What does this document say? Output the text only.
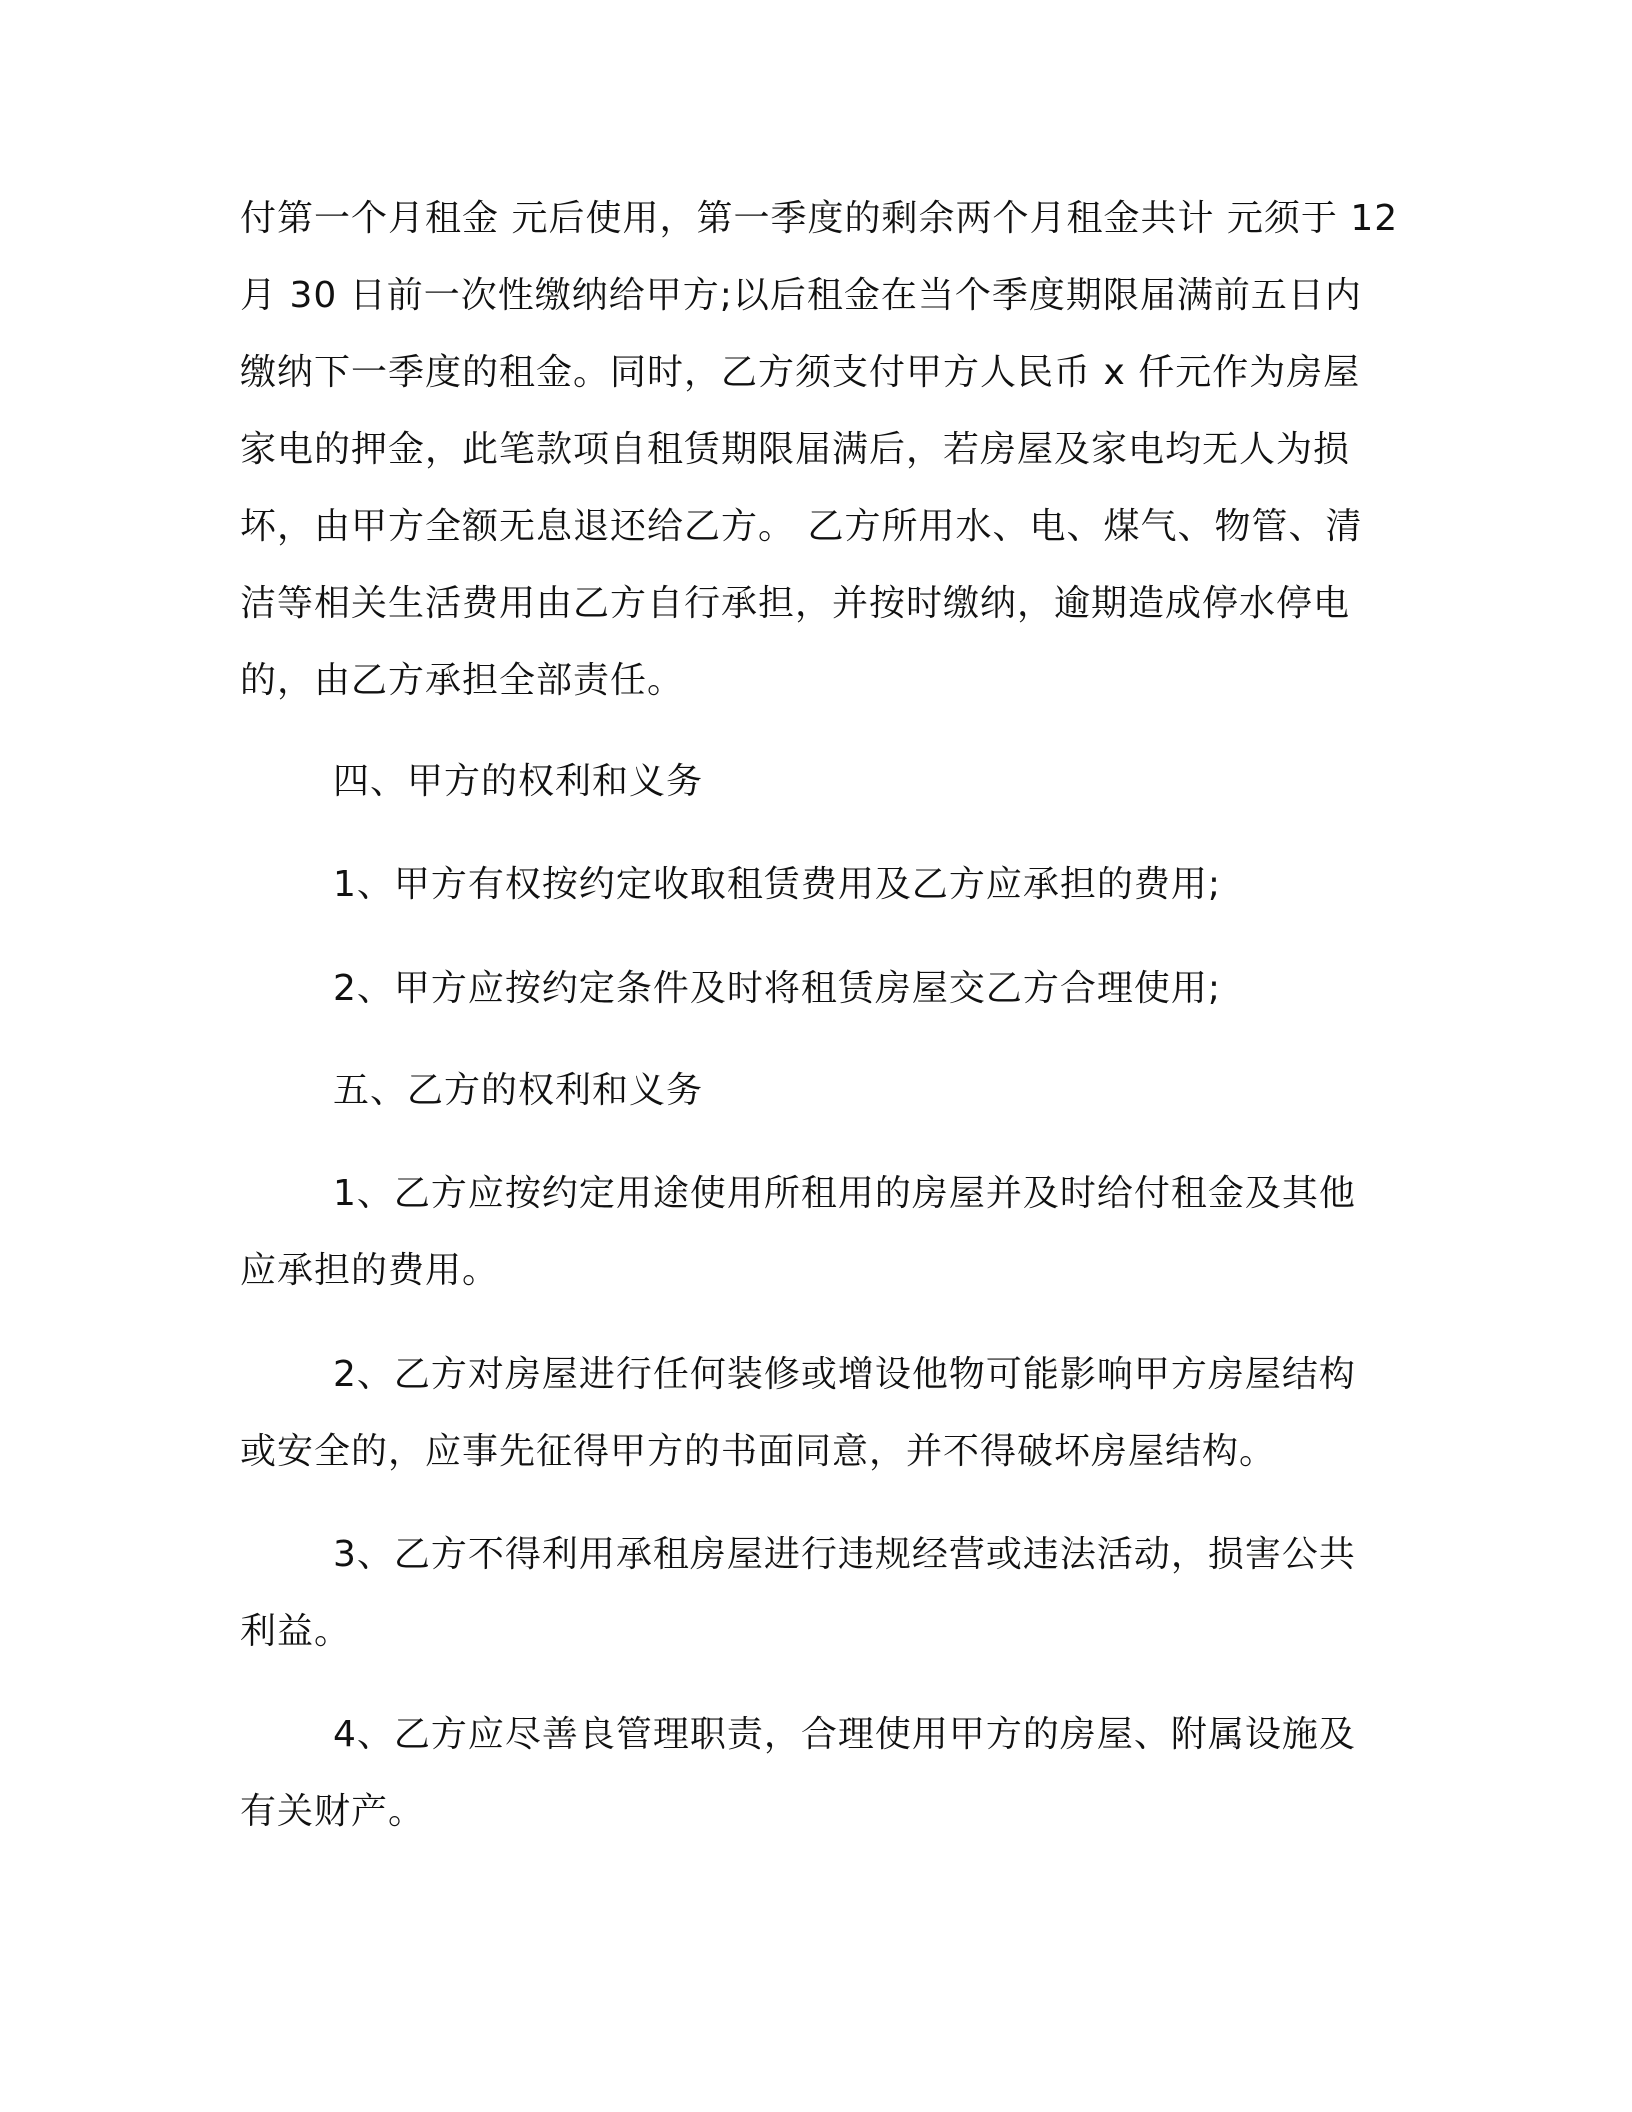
付第一个月租金 元后使用，第一季度的剩余两个月租金共计 元须于 12
月 30 日前一次性缴纳给甲方;以后租金在当个季度期限届满前五日内
缴纳下一季度的租金。同时，乙方须支付甲方人民币 x 仟元作为房屋
家电的押金，此笔款项自租赁期限届满后，若房屋及家电均无人为损
坏，由甲方全额无息退还给乙方。 乙方所用水、电、煤气、物管、清
洁等相关生活费用由乙方自行承担，并按时缴纳，逾期造成停水停电
的，由乙方承担全部责任。
四、甲方的权利和义务
1、甲方有权按约定收取租赁费用及乙方应承担的费用;
2、甲方应按约定条件及时将租赁房屋交乙方合理使用;
五、乙方的权利和义务
1、乙方应按约定用途使用所租用的房屋并及时给付租金及其他
应承担的费用。
2、乙方对房屋进行任何装修或增设他物可能影响甲方房屋结构
或安全的，应事先征得甲方的书面同意，并不得破坏房屋结构。
3、乙方不得利用承租房屋进行违规经营或违法活动，损害公共
利益。
4、乙方应尽善良管理职责，合理使用甲方的房屋、附属设施及
有关财产。
